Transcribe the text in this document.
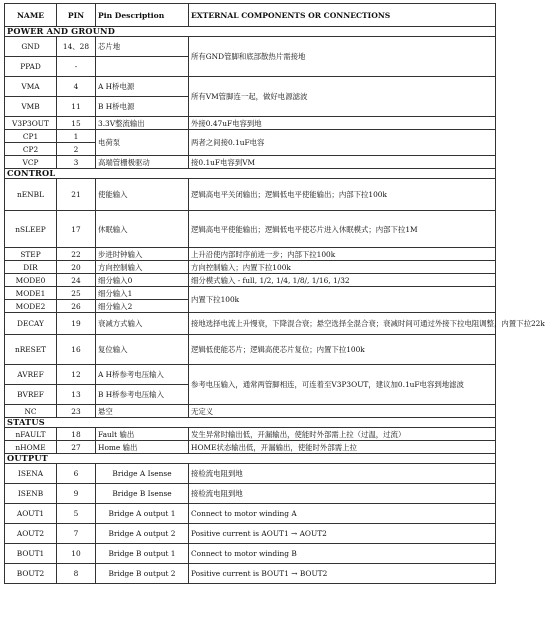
NAME	PIN	Pin Description	EXTERNAL COMPONENTS OR CONNECTIONS
POWER AND GROUND			
GND	14、28	芯片地	所有GND管脚和底部散热片需接地
PPAD	-		
VMA	4	A H桥电源	所有VM管脚连一起，做好电源滤波
VMB	11	B H桥电源	
V3P3OUT	15	3.3V整流输出	外接0.47uF电容到地
CP1	1	电荷泵	两者之间接0.1uF电容
CP2	2		
VCP	3	高端管栅极驱动	接0.1uF电容到VM
CONTROL			
nENBL	21	使能输入	逻辑高电平关闭输出；逻辑低电平使能输出；内部下拉100k
nSLEEP	17	休眠输入	逻辑高电平使能输出；逻辑低电平使芯片进入休眠模式；内部下拉1M
STEP	22	步进时钟输入	上升沿使内部时序前进一步；内部下拉100k
DIR	20	方向控制输入	方向控制输入；内置下拉100k
MODE0	24	细分输入0	细分模式输入 - full, 1/2, 1/4, 1/8/, 1/16, 1/32
MODE1	25	细分输入1	内置下拉100k
MODE2	26	细分输入2	
DECAY	19	衰减方式输入	接地选择电流上升慢衰，下降混合衰；悬空选择全混合衰；衰减时间可通过外接下拉电阻调整，内置下拉22k
nRESET	16	复位输入	逻辑低使能芯片；逻辑高使芯片复位；内置下拉100k
AVREF	12	A H桥参考电压输入	参考电压输入，通常两管脚相连，可连着至V3P3OUT，建议加0.1uF电容到地滤波
BVREF	13	B H桥参考电压输入	
NC	23	悬空	无定义
STATUS			
nFAULT	18	Fault 输出	发生异常时输出低，开漏输出，使能时外部需上拉（过温，过流）
nHOME	27	Home 输出	HOME状态输出低，开漏输出，使能时外部需上拉
OUTPUT			
ISENA	6	Bridge A Isense	接检流电阻到地
ISENB	9	Bridge B Isense	接检流电阻到地
AOUT1	5	Bridge A output 1	Connect to motor winding A
AOUT2	7	Bridge A output 2	Positive current is AOUT1 → AOUT2
BOUT1	10	Bridge B output 1	Connect to motor winding B
BOUT2	8	Bridge B output 2	Positive current is BOUT1 → BOUT2
